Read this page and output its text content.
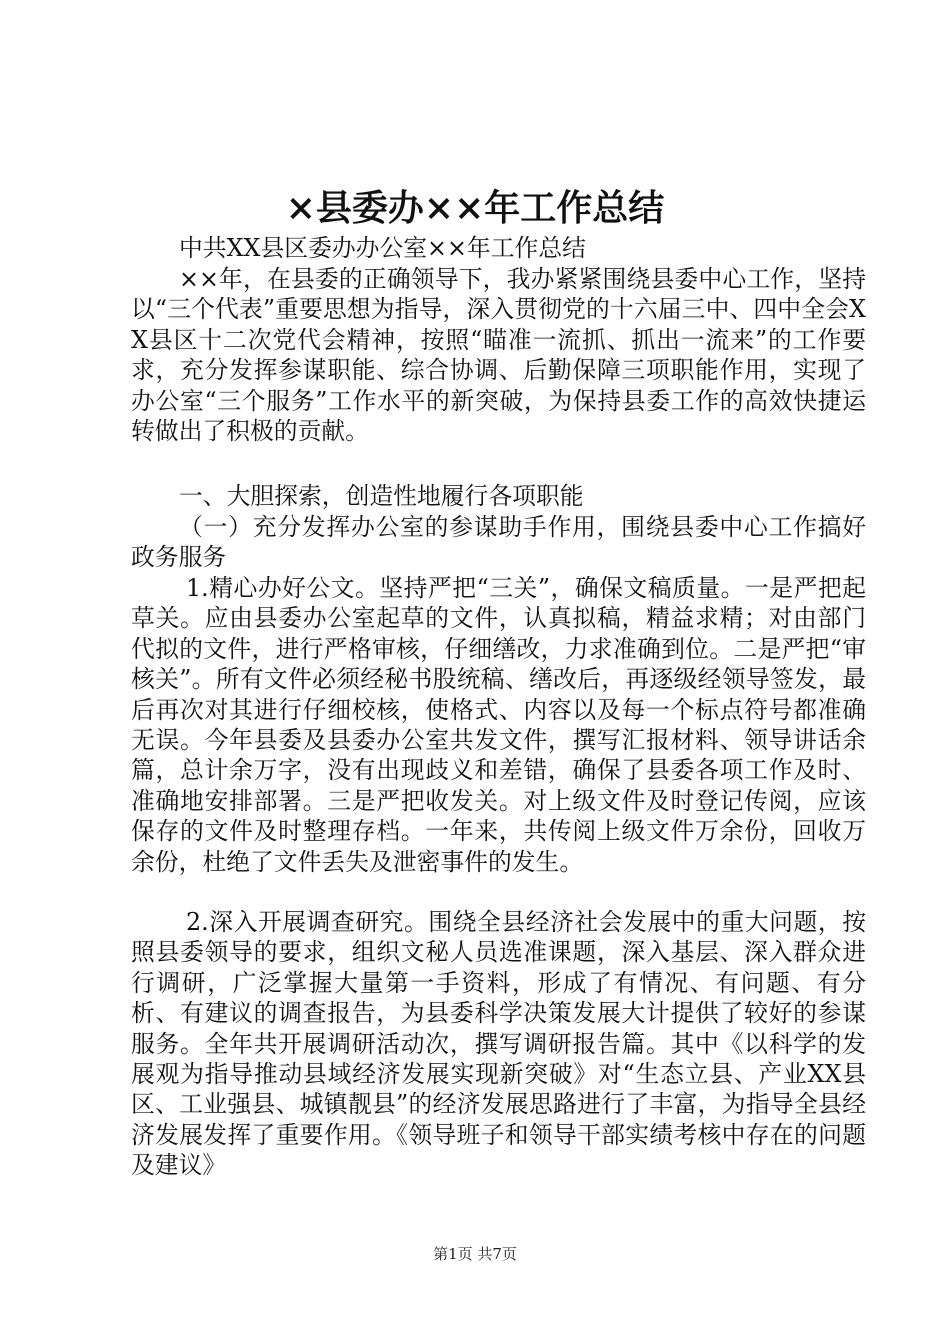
×县委办××年工作总结
中共XX县区委办办公室××年工作总结
××年，在县委的正确领导下，我办紧紧围绕县委中心工作，坚持以“三个代表”重要思想为指导，深入贯彻党的十六届三中、四中全会XX县区十二次党代会精神，按照“瞄准一流抓、抓出一流来”的工作要求，充分发挥参谋职能、综合协调、后勤保障三项职能作用，实现了办公室“三个服务”工作水平的新突破，为保持县委工作的高效快捷运转做出了积极的贡献。
一、大胆探索，创造性地履行各项职能
（一）充分发挥办公室的参谋助手作用，围绕县委中心工作搞好政务服务
1.精心办好公文。坚持严把“三关”，确保文稿质量。一是严把起草关。应由县委办公室起草的文件，认真拟稿，精益求精；对由部门代拟的文件，进行严格审核，仔细缮改，力求准确到位。二是严把“审核关”。所有文件必须经秘书股统稿、缮改后，再逐级经领导签发，最后再次对其进行仔细校核，使格式、内容以及每一个标点符号都准确无误。今年县委及县委办公室共发文件，撰写汇报材料、领导讲话余篇，总计余万字，没有出现歧义和差错，确保了县委各项工作及时、准确地安排部署。三是严把收发关。对上级文件及时登记传阅，应该保存的文件及时整理存档。一年来，共传阅上级文件万余份，回收万余份，杜绝了文件丢失及泄密事件的发生。
2.深入开展调查研究。围绕全县经济社会发展中的重大问题，按照县委领导的要求，组织文秘人员选准课题，深入基层、深入群众进行调研，广泛掌握大量第一手资料，形成了有情况、有问题、有分析、有建议的调查报告，为县委科学决策发展大计提供了较好的参谋服务。全年共开展调研活动次，撰写调研报告篇。其中《以科学的发展观为指导推动县域经济发展实现新突破》对“生态立县、产业XX县区、工业强县、城镇靓县”的经济发展思路进行了丰富，为指导全县经济发展发挥了重要作用。《领导班子和领导干部实绩考核中存在的问题及建议》
第1页 共7页
